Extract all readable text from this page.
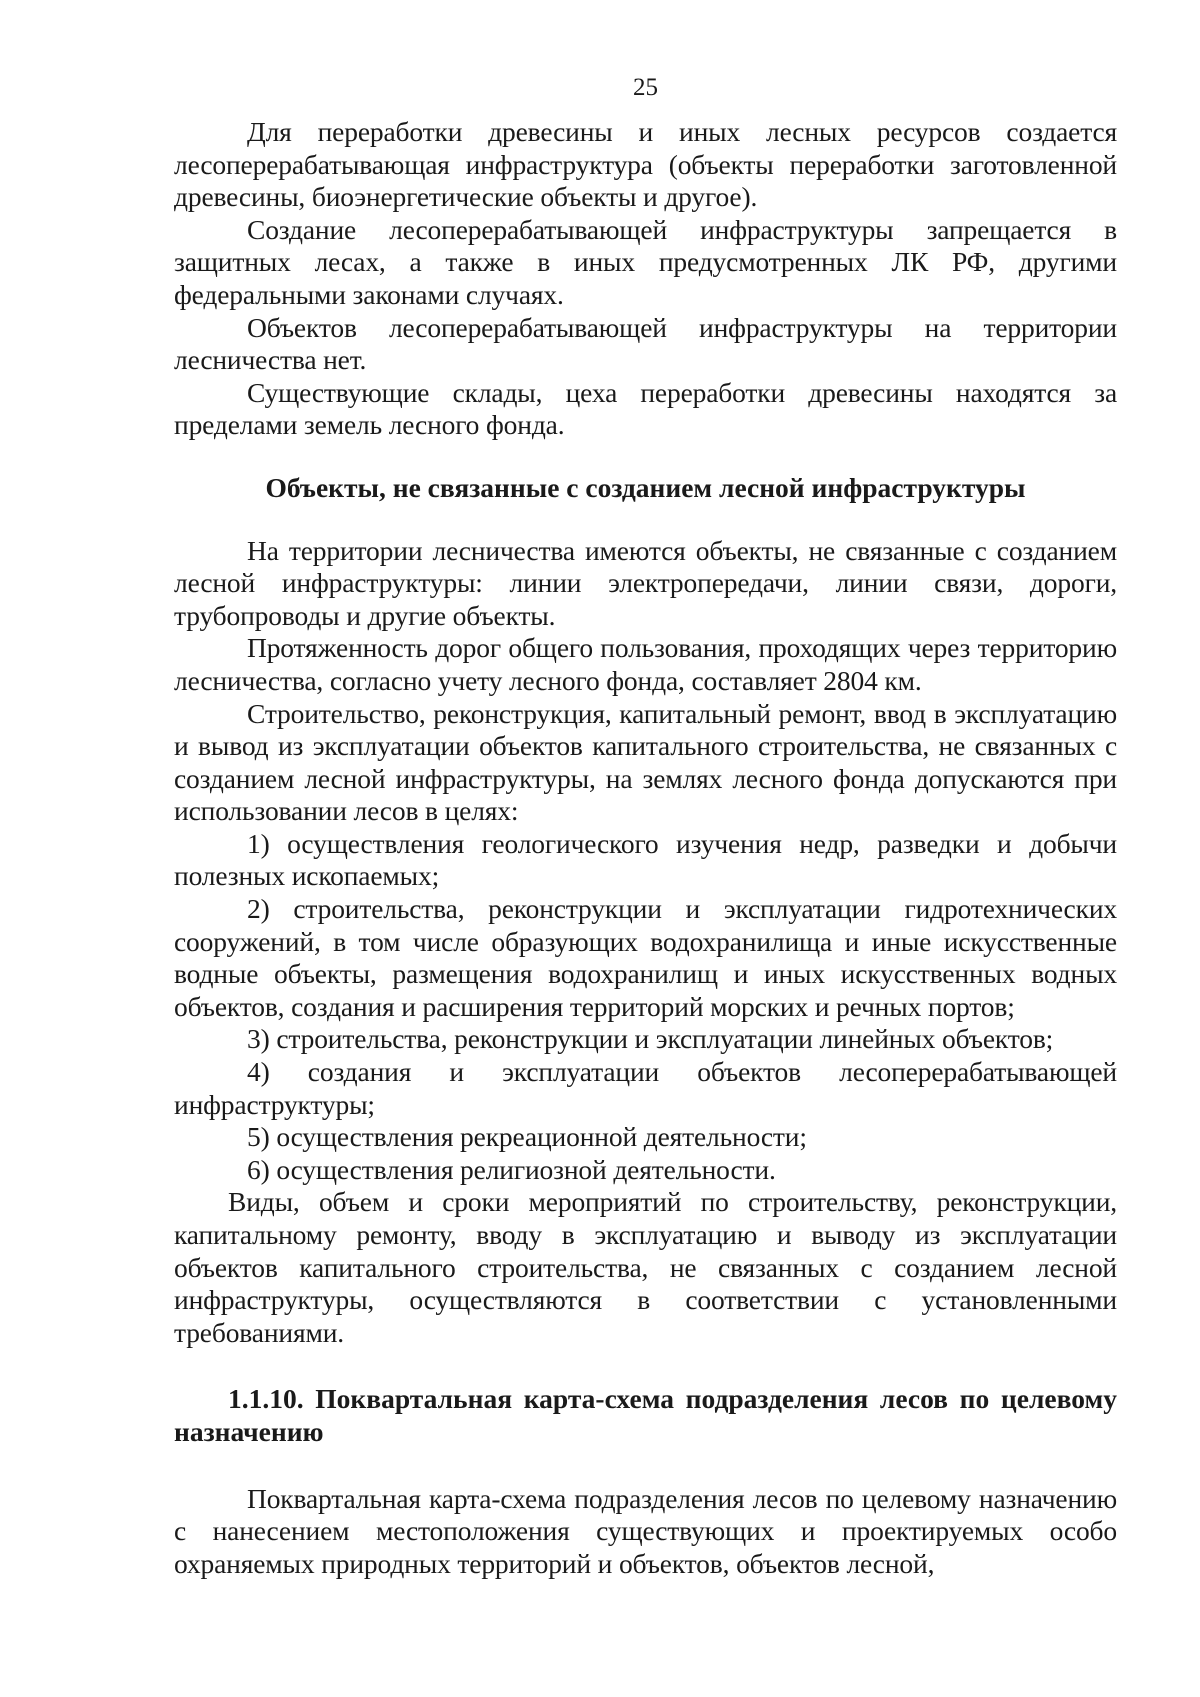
25

Для переработки древесины и иных лесных ресурсов создается лесоперерабатывающая инфраструктура (объекты переработки заготовленной древесины, биоэнергетические объекты и другое).

Создание лесоперерабатывающей инфраструктуры запрещается в защитных лесах, а также в иных предусмотренных ЛК РФ, другими федеральными законами случаях.

Объектов лесоперерабатывающей инфраструктуры на территории лесничества нет.

Существующие склады, цеха переработки древесины находятся за пределами земель лесного фонда.

Объекты, не связанные с созданием лесной инфраструктуры

На территории лесничества имеются объекты, не связанные с созданием лесной инфраструктуры: линии электропередачи, линии связи, дороги, трубопроводы и другие объекты.

Протяженность дорог общего пользования, проходящих через территорию лесничества, согласно учету лесного фонда, составляет 2804 км.

Строительство, реконструкция, капитальный ремонт, ввод в эксплуатацию и вывод из эксплуатации объектов капитального строительства, не связанных с созданием лесной инфраструктуры, на землях лесного фонда допускаются при использовании лесов в целях:

1) осуществления геологического изучения недр, разведки и добычи полезных ископаемых;

2) строительства, реконструкции и эксплуатации гидротехнических сооружений, в том числе образующих водохранилища и иные искусственные водные объекты, размещения водохранилищ и иных искусственных водных объектов, создания и расширения территорий морских и речных портов;

3) строительства, реконструкции и эксплуатации линейных объектов;

4) создания и эксплуатации объектов лесоперерабатывающей инфраструктуры;

5) осуществления рекреационной деятельности;

6) осуществления религиозной деятельности.

Виды, объем и сроки мероприятий по строительству, реконструкции, капитальному ремонту, вводу в эксплуатацию и выводу из эксплуатации объектов капитального строительства, не связанных с созданием лесной инфраструктуры, осуществляются в соответствии с установленными требованиями.

1.1.10. Поквартальная карта-схема подразделения лесов по целевому назначению

Поквартальная карта-схема подразделения лесов по целевому назначению с нанесением местоположения существующих и проектируемых особо охраняемых природных территорий и объектов, объектов лесной,
